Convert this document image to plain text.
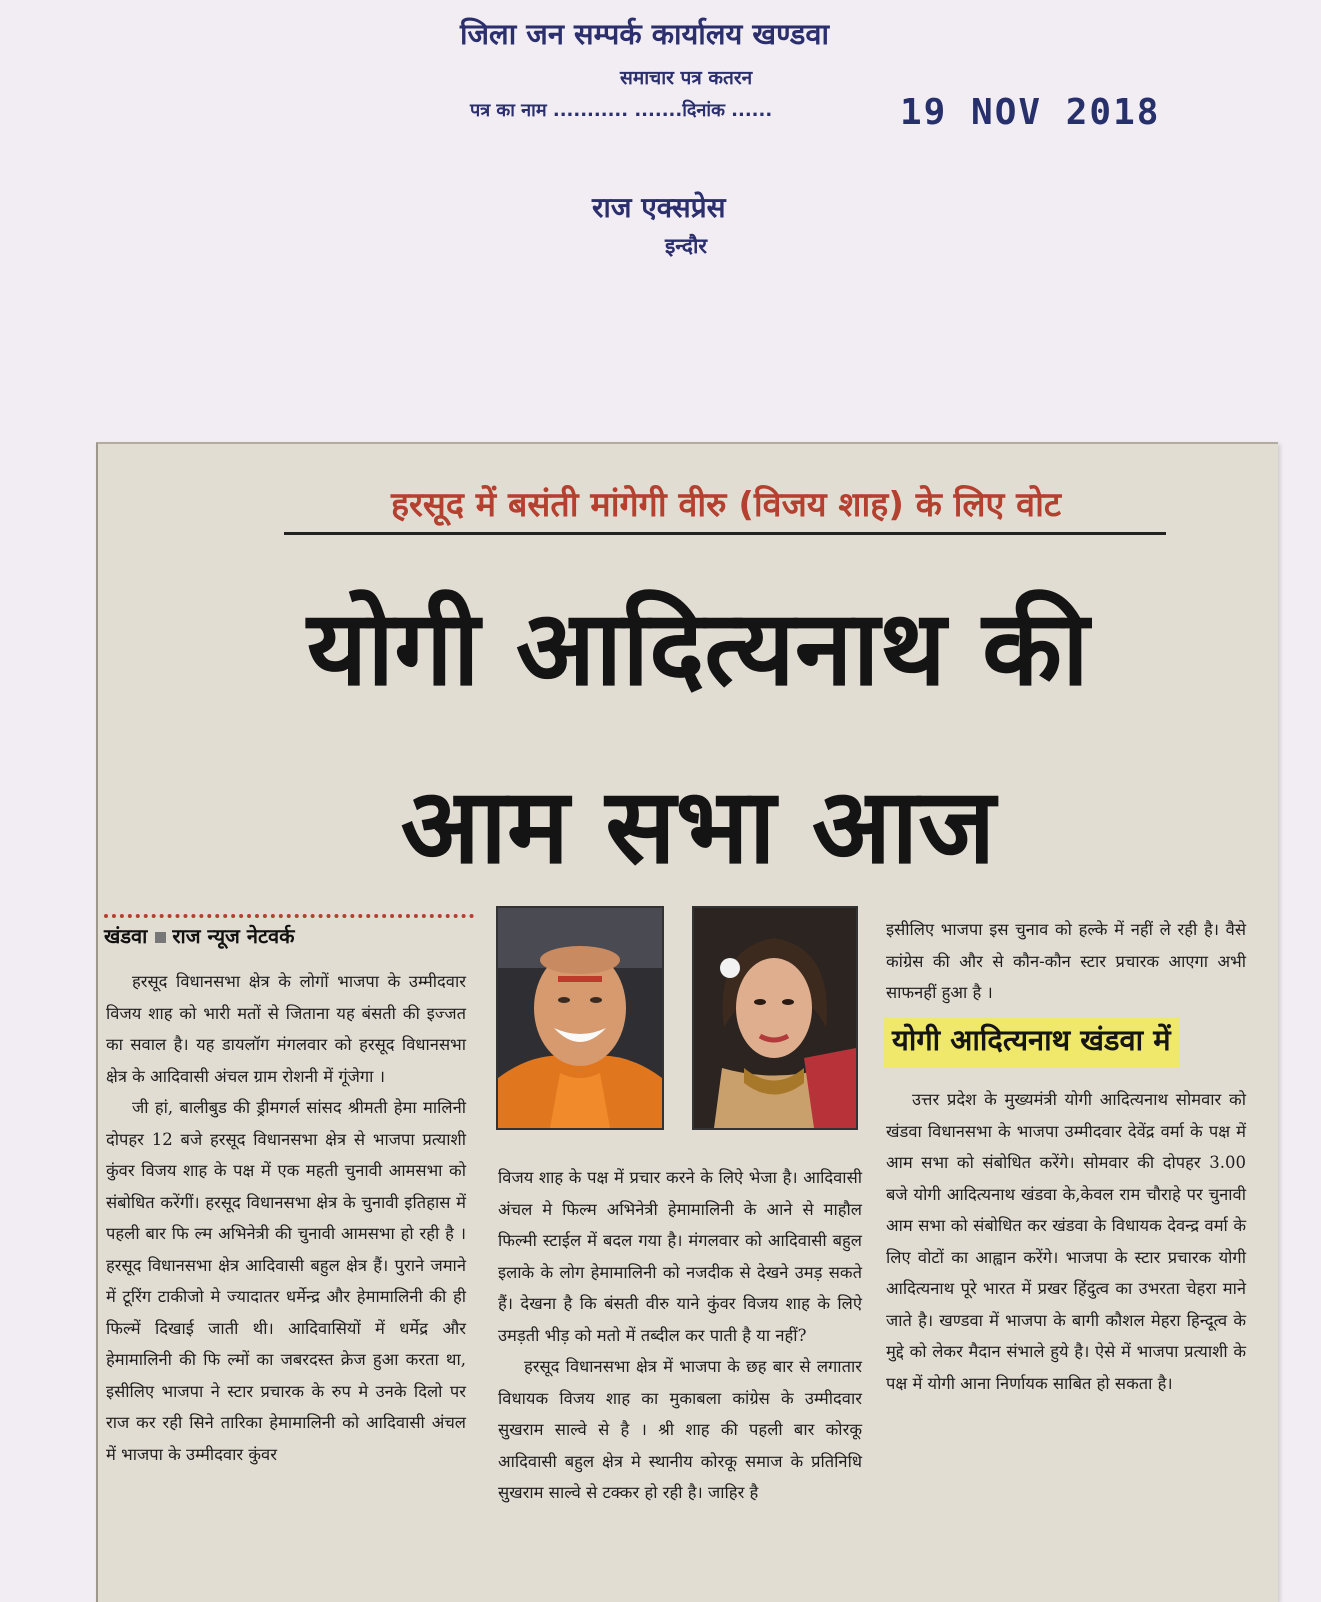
जिला जन सम्पर्क कार्यालय खण्डवा
समाचार पत्र कतरन
पत्र का नाम ........... .......दिनांक ......	19 NOV 2018
राज एक्सप्रेस
इन्दौर
हरसूद में बसंती मांगेगी वीरु (विजय शाह) के लिए वोट
योगी आदित्यनाथ की
आम सभा आज
खंडवा राज न्यूज नेटवर्क

हरसूद विधानसभा क्षेत्र के लोगों भाजपा के उम्मीदवार विजय शाह को भारी मतों से जिताना यह बंसती की इज्जत का सवाल है। यह डायलॉग मंगलवार को हरसूद विधानसभा क्षेत्र के आदिवासी अंचल ग्राम रोशनी में गूंजेगा ।

जी हां, बालीबुड की ड्रीमगर्ल सांसद श्रीमती हेमा मालिनी दोपहर 12 बजे हरसूद विधानसभा क्षेत्र से भाजपा प्रत्याशी कुंवर विजय शाह के पक्ष में एक महती चुनावी आमसभा को संबोधित करेंगीं। हरसूद विधानसभा क्षेत्र के चुनावी इतिहास में पहली बार फि ल्म अभिनेत्री की चुनावी आमसभा हो रही है । हरसूद विधानसभा क्षेत्र आदिवासी बहुल क्षेत्र हैं। पुराने जमाने में टूरिंग टाकीजो मे ज्यादातर धर्मेन्द्र और हेमामालिनी की ही फिल्में दिखाई जाती थी। आदिवासियों में धर्मेद्र और हेमामालिनी की फि ल्मों का जबरदस्त क्रेज हुआ करता था, इसीलिए भाजपा ने स्टार प्रचारक के रुप मे उनके दिलो पर राज कर रही सिने तारिका हेमामालिनी को आदिवासी अंचल में भाजपा के उम्मीदवार कुंवर

विजय शाह के पक्ष में प्रचार करने के लिऐ भेजा है। आदिवासी अंचल मे फिल्म अभिनेत्री हेमामालिनी के आने से माहौल फिल्मी स्टाईल में बदल गया है। मंगलवार को आदिवासी बहुल इलाके के लोग हेमामालिनी को नजदीक से देखने उमड़ सकते हैं। देखना है कि बंसती वीरु याने कुंवर विजय शाह के लिऐ उमड़ती भीड़ को मतो में तब्दील कर पाती है या नहीं?

हरसूद विधानसभा क्षेत्र में भाजपा के छह बार से लगातार विधायक विजय शाह का मुकाबला कांग्रेस के उम्मीदवार सुखराम साल्वे से है । श्री शाह की पहली बार कोरकू आदिवासी बहुल क्षेत्र मे स्थानीय कोरकू समाज के प्रतिनिधि सुखराम साल्वे से टक्कर हो रही है। जाहिर है

इसीलिए भाजपा इस चुनाव को हल्के में नहीं ले रही है। वैसे कांग्रेस की और से कौन-कौन स्टार प्रचारक आएगा अभी साफनहीं हुआ है ।

योगी आदित्यनाथ खंडवा में

उत्तर प्रदेश के मुख्यमंत्री योगी आदित्यनाथ सोमवार को खंडवा विधानसभा के भाजपा उम्मीदवार देवेंद्र वर्मा के पक्ष में आम सभा को संबोधित करेंगे। सोमवार की दोपहर 3.00 बजे योगी आदित्यनाथ खंडवा के,केवल राम चौराहे पर चुनावी आम सभा को संबोधित कर खंडवा के विधायक देवन्द्र वर्मा के लिए वोटों का आह्वान करेंगे। भाजपा के स्टार प्रचारक योगी आदित्यनाथ पूरे भारत में प्रखर हिंदुत्व का उभरता चेहरा माने जाते है। खण्डवा में भाजपा के बागी कौशल मेहरा हिन्दूत्व के मुद्दे को लेकर मैदान संभाले हुये है। ऐसे में भाजपा प्रत्याशी के पक्ष में योगी आना निर्णायक साबित हो सकता है।
